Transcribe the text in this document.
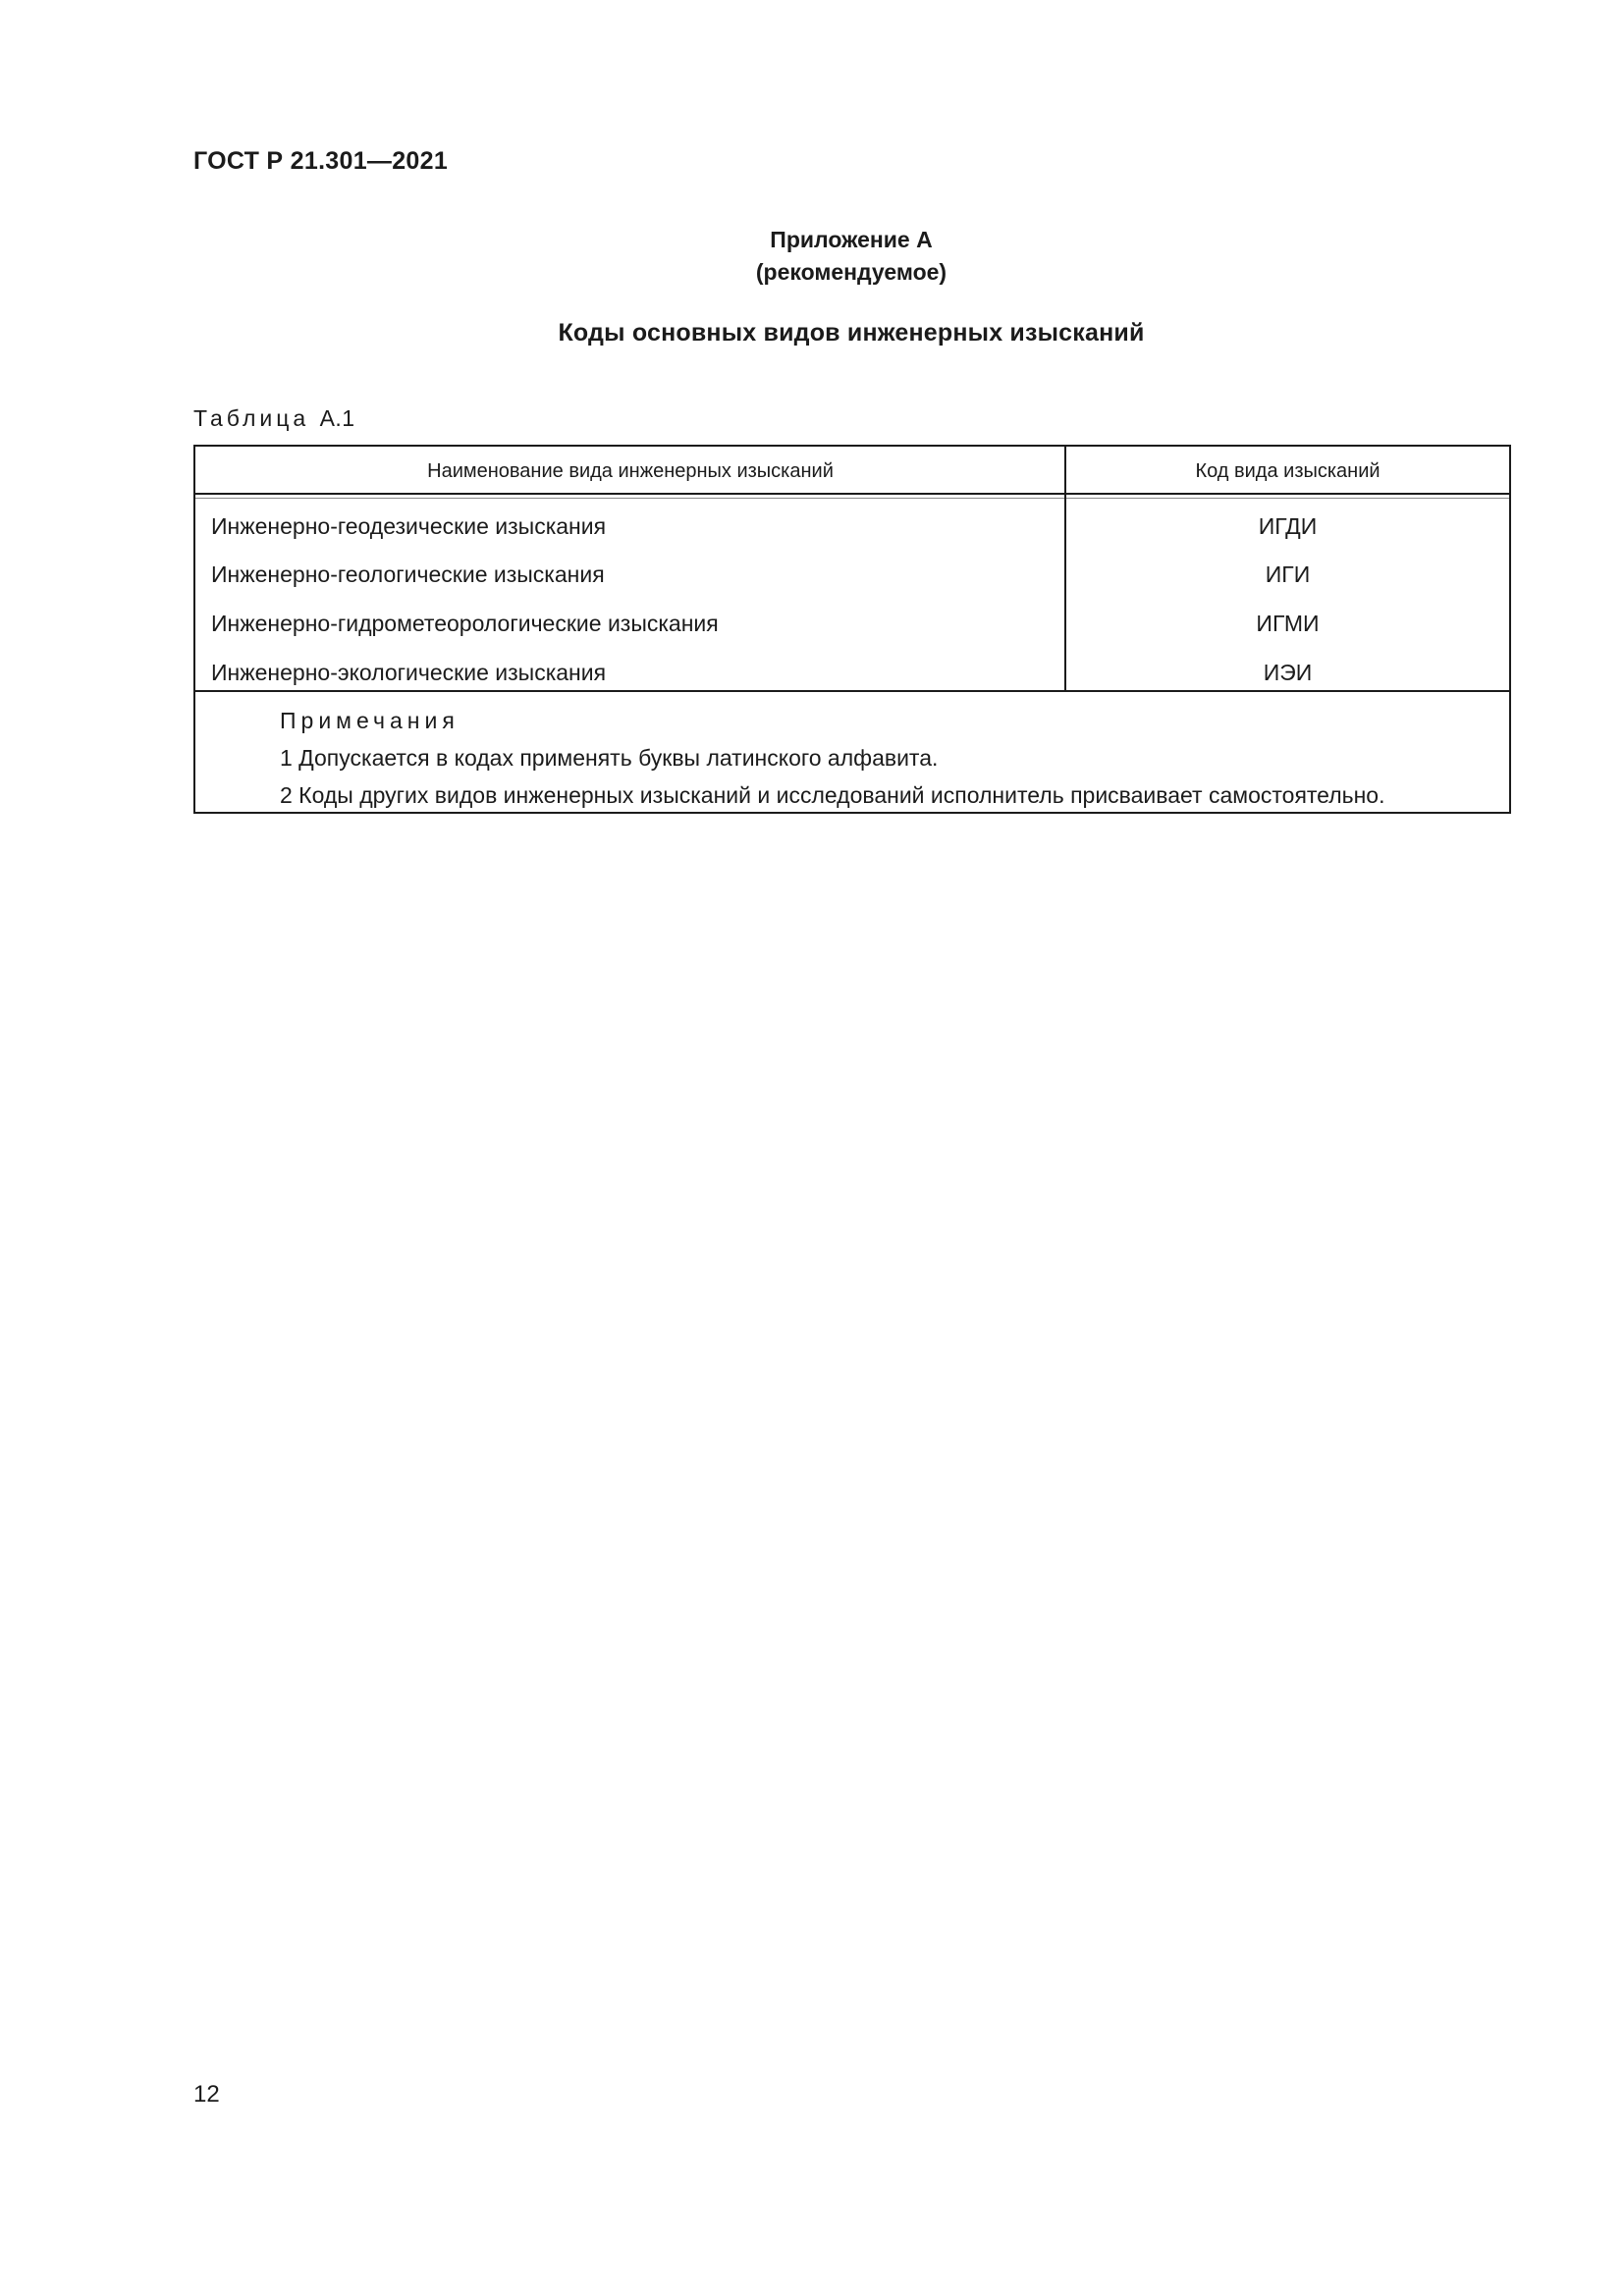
ГОСТ Р 21.301—2021
Приложение А
(рекомендуемое)
Коды основных видов инженерных изысканий
Таблица А.1
Наименование вида инженерных изысканий	Код вида изысканий
Инженерно-геодезические изыскания	ИГДИ
Инженерно-геологические изыскания	ИГИ
Инженерно-гидрометеорологические изыскания	ИГМИ
Инженерно-экологические изыскания	ИЭИ
Примечания
1 Допускается в кодах применять буквы латинского алфавита.
2 Коды других видов инженерных изысканий и исследований исполнитель присваивает самостоятельно.
12
